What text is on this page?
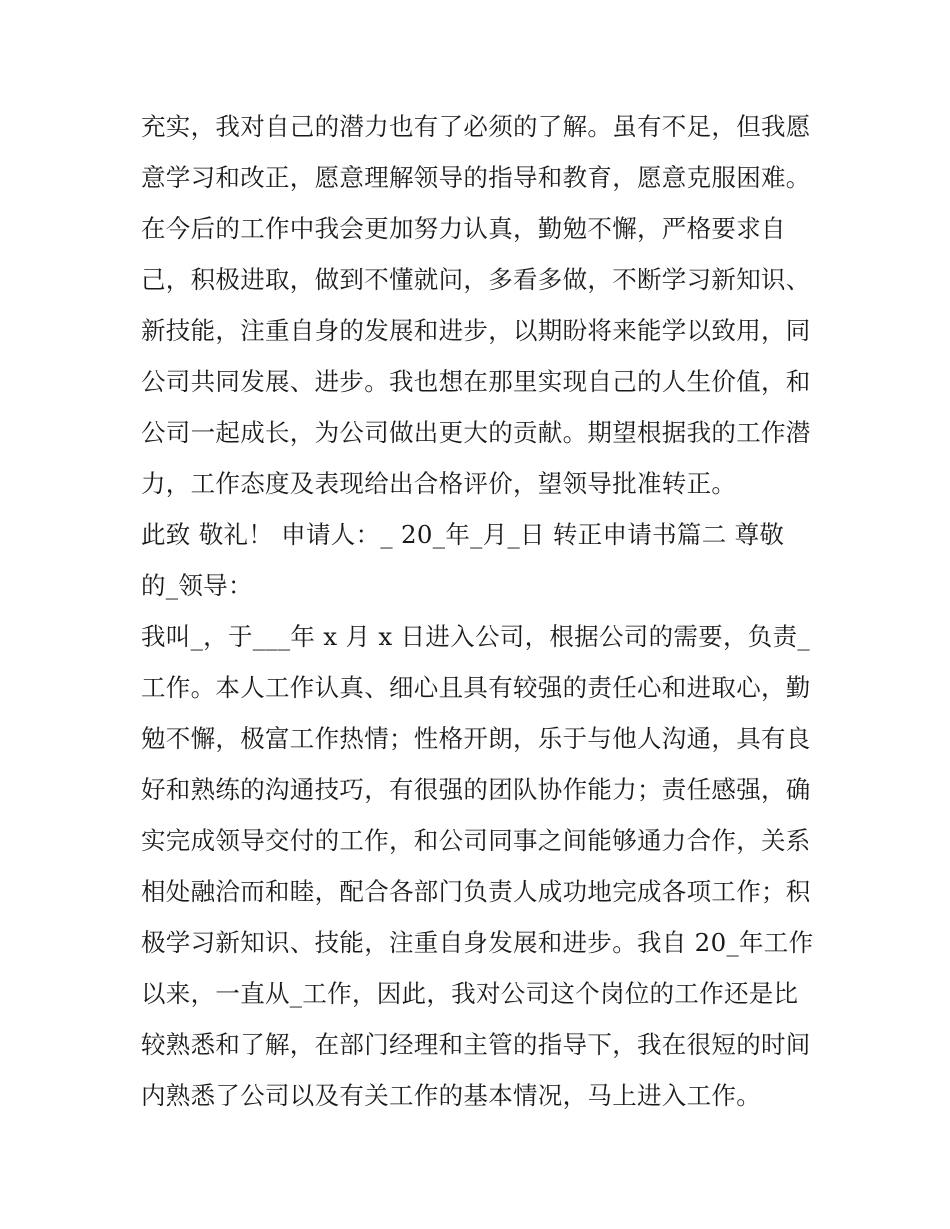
充实，我对自己的潜力也有了必须的了解。虽有不足，但我愿
意学习和改正，愿意理解领导的指导和教育，愿意克服困难。
在今后的工作中我会更加努力认真，勤勉不懈，严格要求自
己，积极进取，做到不懂就问，多看多做，不断学习新知识、
新技能，注重自身的发展和进步，以期盼将来能学以致用，同
公司共同发展、进步。我也想在那里实现自己的人生价值，和
公司一起成长，为公司做出更大的贡献。期望根据我的工作潜
力，工作态度及表现给出合格评价，望领导批准转正。
此致 敬礼！ 申请人：_ 20_年_月_日 转正申请书篇二 尊敬
的_领导：
我叫_，于___年 x 月 x 日进入公司，根据公司的需要，负责_
工作。本人工作认真、细心且具有较强的责任心和进取心，勤
勉不懈，极富工作热情；性格开朗，乐于与他人沟通，具有良
好和熟练的沟通技巧，有很强的团队协作能力；责任感强，确
实完成领导交付的工作，和公司同事之间能够通力合作，关系
相处融洽而和睦，配合各部门负责人成功地完成各项工作；积
极学习新知识、技能，注重自身发展和进步。我自 20_年工作
以来，一直从_工作，因此，我对公司这个岗位的工作还是比
较熟悉和了解，在部门经理和主管的指导下，我在很短的时间
内熟悉了公司以及有关工作的基本情况，马上进入工作。
